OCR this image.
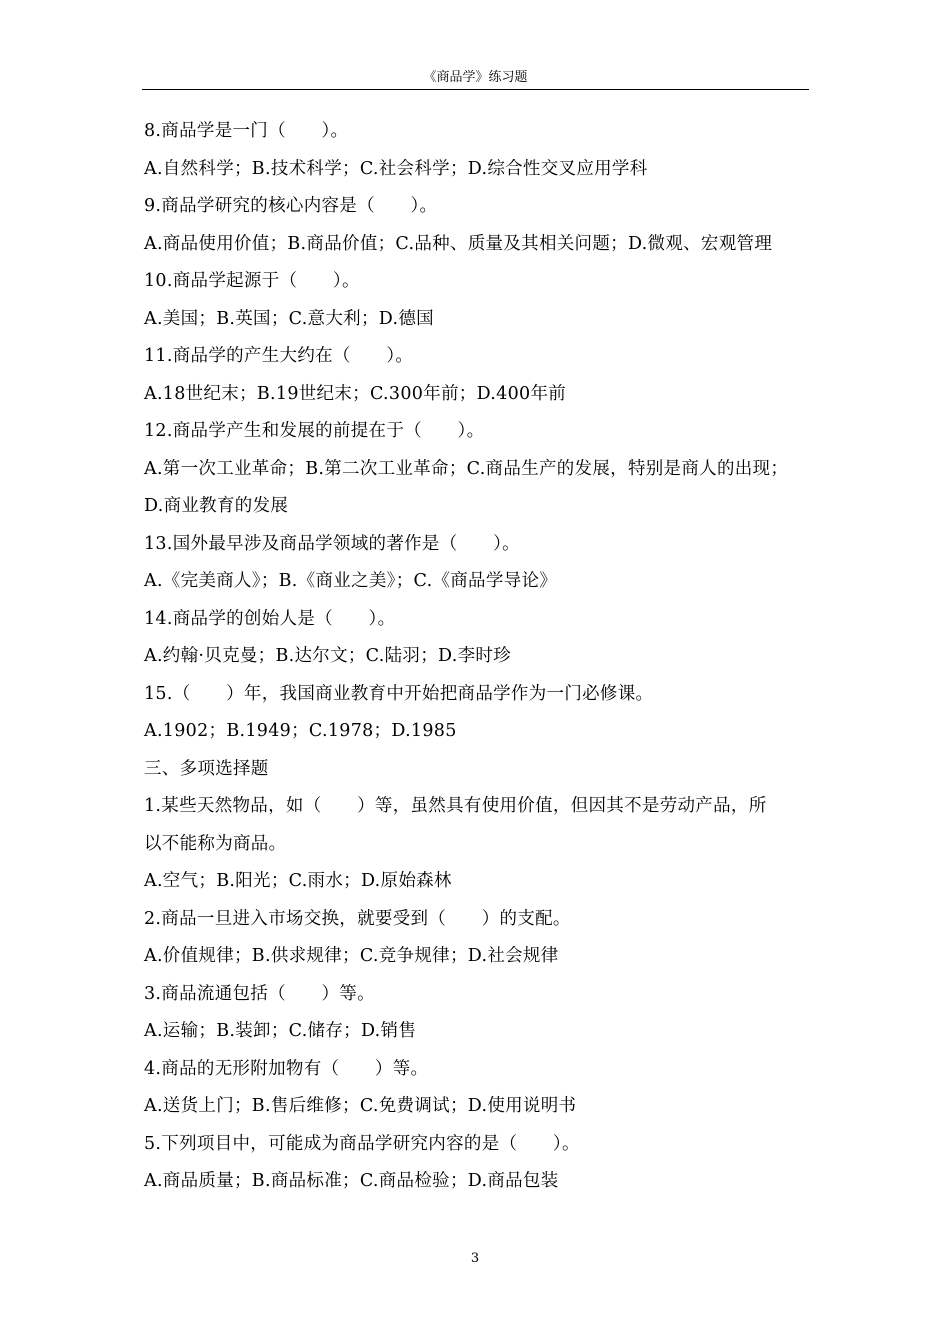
《商品学》练习题
8.商品学是一门（　　）。
A.自然科学；B.技术科学；C.社会科学；D.综合性交叉应用学科
9.商品学研究的核心内容是（　　）。
A.商品使用价值；B.商品价值；C.品种、质量及其相关问题；D.微观、宏观管理
10.商品学起源于（　　）。
A.美国；B.英国；C.意大利；D.德国
11.商品学的产生大约在（　　）。
A.18世纪末；B.19世纪末；C.300年前；D.400年前
12.商品学产生和发展的前提在于（　　）。
A.第一次工业革命；B.第二次工业革命；C.商品生产的发展，特别是商人的出现；
D.商业教育的发展
13.国外最早涉及商品学领域的著作是（　　）。
A.《完美商人》；B.《商业之美》；C.《商品学导论》
14.商品学的创始人是（　　）。
A.约翰·贝克曼；B.达尔文；C.陆羽；D.李时珍
15.（　　）年，我国商业教育中开始把商品学作为一门必修课。
A.1902；B.1949；C.1978；D.1985
三、多项选择题
1.某些天然物品，如（　　）等，虽然具有使用价值，但因其不是劳动产品，所
以不能称为商品。
A.空气；B.阳光；C.雨水；D.原始森林
2.商品一旦进入市场交换，就要受到（　　）的支配。
A.价值规律；B.供求规律；C.竞争规律；D.社会规律
3.商品流通包括（　　）等。
A.运输；B.装卸；C.储存；D.销售
4.商品的无形附加物有（　　）等。
A.送货上门；B.售后维修；C.免费调试；D.使用说明书
5.下列项目中，可能成为商品学研究内容的是（　　）。
A.商品质量；B.商品标准；C.商品检验；D.商品包装
3
